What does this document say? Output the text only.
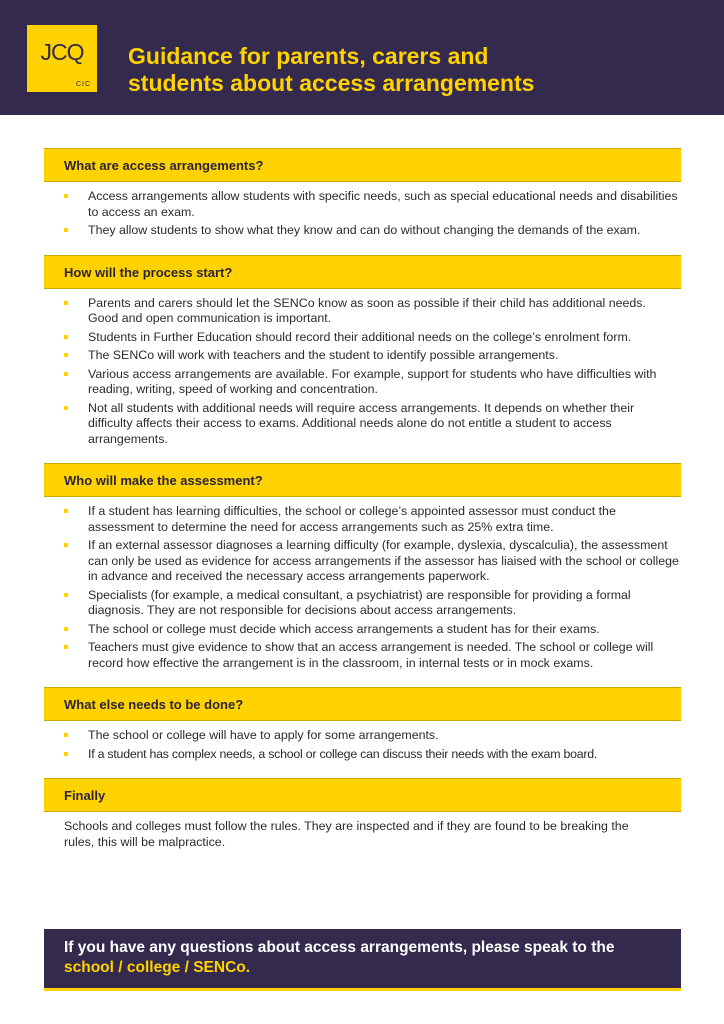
JCQ
CIC
Guidance for parents, carers and
students about access arrangements
What are access arrangements?
Access arrangements allow students with specific needs, such as special educational needs and disabilities to access an exam.
They allow students to show what they know and can do without changing the demands of the exam.
How will the process start?
Parents and carers should let the SENCo know as soon as possible if their child has additional needs. Good and open communication is important.
Students in Further Education should record their additional needs on the college’s enrolment form.
The SENCo will work with teachers and the student to identify possible arrangements.
Various access arrangements are available. For example, support for students who have difficulties with reading, writing, speed of working and concentration.
Not all students with additional needs will require access arrangements. It depends on whether their difficulty affects their access to exams. Additional needs alone do not entitle a student to access arrangements.
Who will make the assessment?
If a student has learning difficulties, the school or college’s appointed assessor must conduct the assessment to determine the need for access arrangements such as 25% extra time.
If an external assessor diagnoses a learning difficulty (for example, dyslexia, dyscalculia), the assessment can only be used as evidence for access arrangements if the assessor has liaised with the school or college in advance and received the necessary access arrangements paperwork.
Specialists (for example, a medical consultant, a psychiatrist) are responsible for providing a formal diagnosis. They are not responsible for decisions about access arrangements.
The school or college must decide which access arrangements a student has for their exams.
Teachers must give evidence to show that an access arrangement is needed. The school or college will record how effective the arrangement is in the classroom, in internal tests or in mock exams.
What else needs to be done?
The school or college will have to apply for some arrangements.
If a student has complex needs, a school or college can discuss their needs with the exam board.
Finally
Schools and colleges must follow the rules. They are inspected and if they are found to be breaking the rules, this will be malpractice.
If you have any questions about access arrangements, please speak to the
school / college / SENCo.
